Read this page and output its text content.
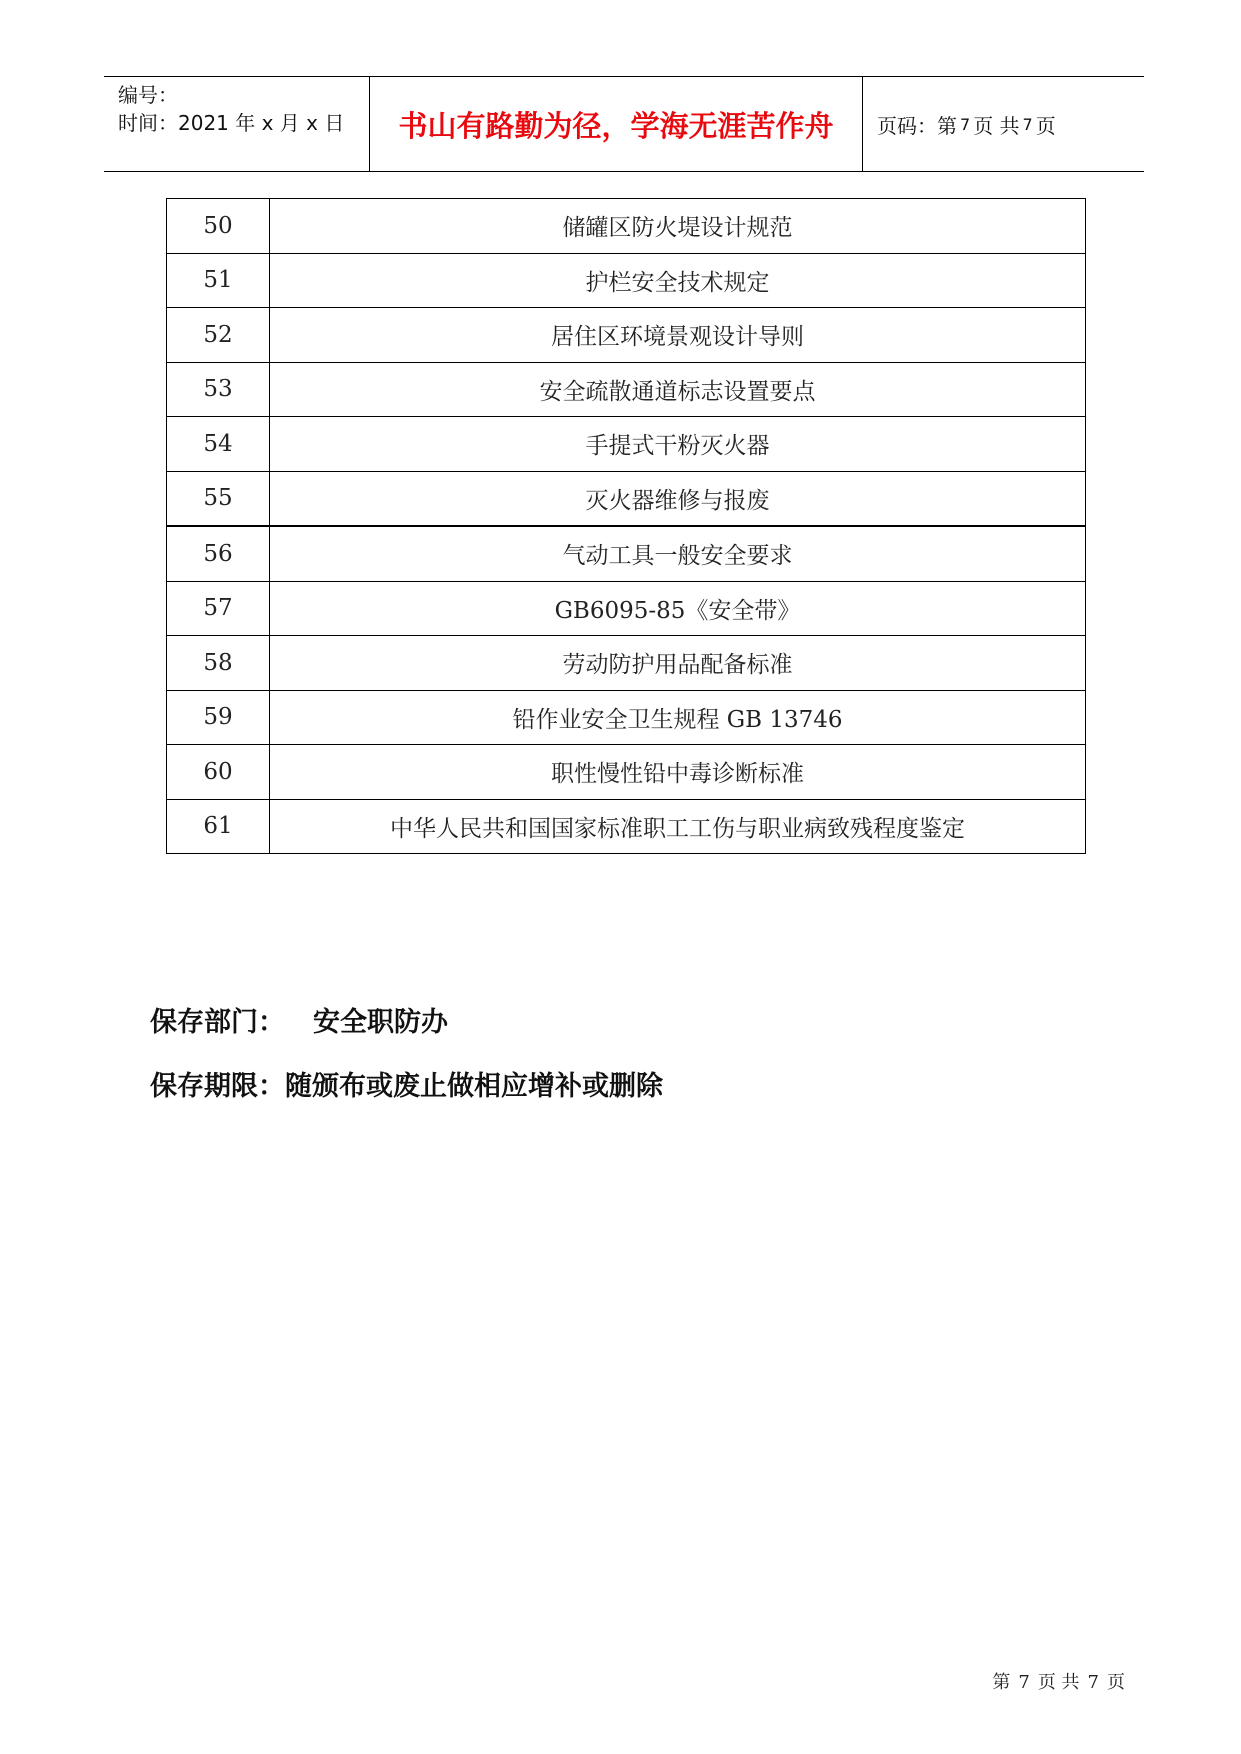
编号：
时间：2021 年 x 月 x 日	书山有路勤为径，学海无涯苦作舟	页码：第 7 页 共 7 页
50	储罐区防火堤设计规范
51	护栏安全技术规定
52	居住区环境景观设计导则
53	安全疏散通道标志设置要点
54	手提式干粉灭火器
55	灭火器维修与报废
56	气动工具一般安全要求
57	GB6095-85《安全带》
58	劳动防护用品配备标准
59	铅作业安全卫生规程 GB 13746
60	职性慢性铅中毒诊断标准
61	中华人民共和国国家标准职工工伤与职业病致残程度鉴定
保存部门： 安全职防办
保存期限：随颁布或废止做相应增补或删除
第 7 页 共 7 页
